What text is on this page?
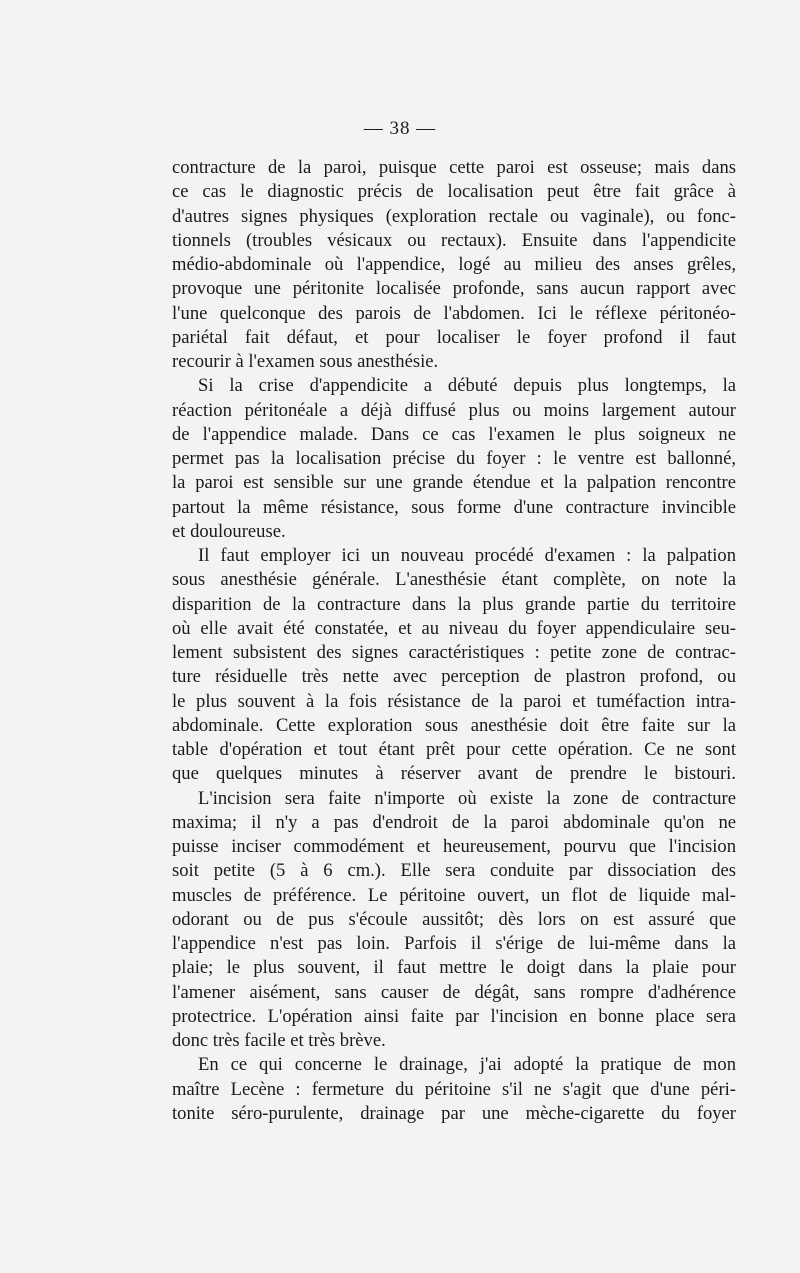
— 38 —
contracture de la paroi, puisque cette paroi est osseuse; mais dans
ce cas le diagnostic précis de localisation peut être fait grâce à
d'autres signes physiques (exploration rectale ou vaginale), ou fonc-
tionnels (troubles vésicaux ou rectaux). Ensuite dans l'appendicite
médio-abdominale où l'appendice, logé au milieu des anses grêles,
provoque une péritonite localisée profonde, sans aucun rapport avec
l'une quelconque des parois de l'abdomen. Ici le réflexe péritonéo-
pariétal fait défaut, et pour localiser le foyer profond il faut
recourir à l'examen sous anesthésie.
Si la crise d'appendicite a débuté depuis plus longtemps, la
réaction péritonéale a déjà diffusé plus ou moins largement autour
de l'appendice malade. Dans ce cas l'examen le plus soigneux ne
permet pas la localisation précise du foyer : le ventre est ballonné,
la paroi est sensible sur une grande étendue et la palpation rencontre
partout la même résistance, sous forme d'une contracture invincible
et douloureuse.
Il faut employer ici un nouveau procédé d'examen : la palpation
sous anesthésie générale. L'anesthésie étant complète, on note la
disparition de la contracture dans la plus grande partie du territoire
où elle avait été constatée, et au niveau du foyer appendiculaire seu-
lement subsistent des signes caractéristiques : petite zone de contrac-
ture résiduelle très nette avec perception de plastron profond, ou
le plus souvent à la fois résistance de la paroi et tuméfaction intra-
abdominale. Cette exploration sous anesthésie doit être faite sur la
table d'opération et tout étant prêt pour cette opération. Ce ne sont
que quelques minutes à réserver avant de prendre le bistouri.
L'incision sera faite n'importe où existe la zone de contracture
maxima; il n'y a pas d'endroit de la paroi abdominale qu'on ne
puisse inciser commodément et heureusement, pourvu que l'incision
soit petite (5 à 6 cm.). Elle sera conduite par dissociation des
muscles de préférence. Le péritoine ouvert, un flot de liquide mal-
odorant ou de pus s'écoule aussitôt; dès lors on est assuré que
l'appendice n'est pas loin. Parfois il s'érige de lui-même dans la
plaie; le plus souvent, il faut mettre le doigt dans la plaie pour
l'amener aisément, sans causer de dégât, sans rompre d'adhérence
protectrice. L'opération ainsi faite par l'incision en bonne place sera
donc très facile et très brève.
En ce qui concerne le drainage, j'ai adopté la pratique de mon
maître Lecène : fermeture du péritoine s'il ne s'agit que d'une péri-
tonite séro-purulente, drainage par une mèche-cigarette du foyer
